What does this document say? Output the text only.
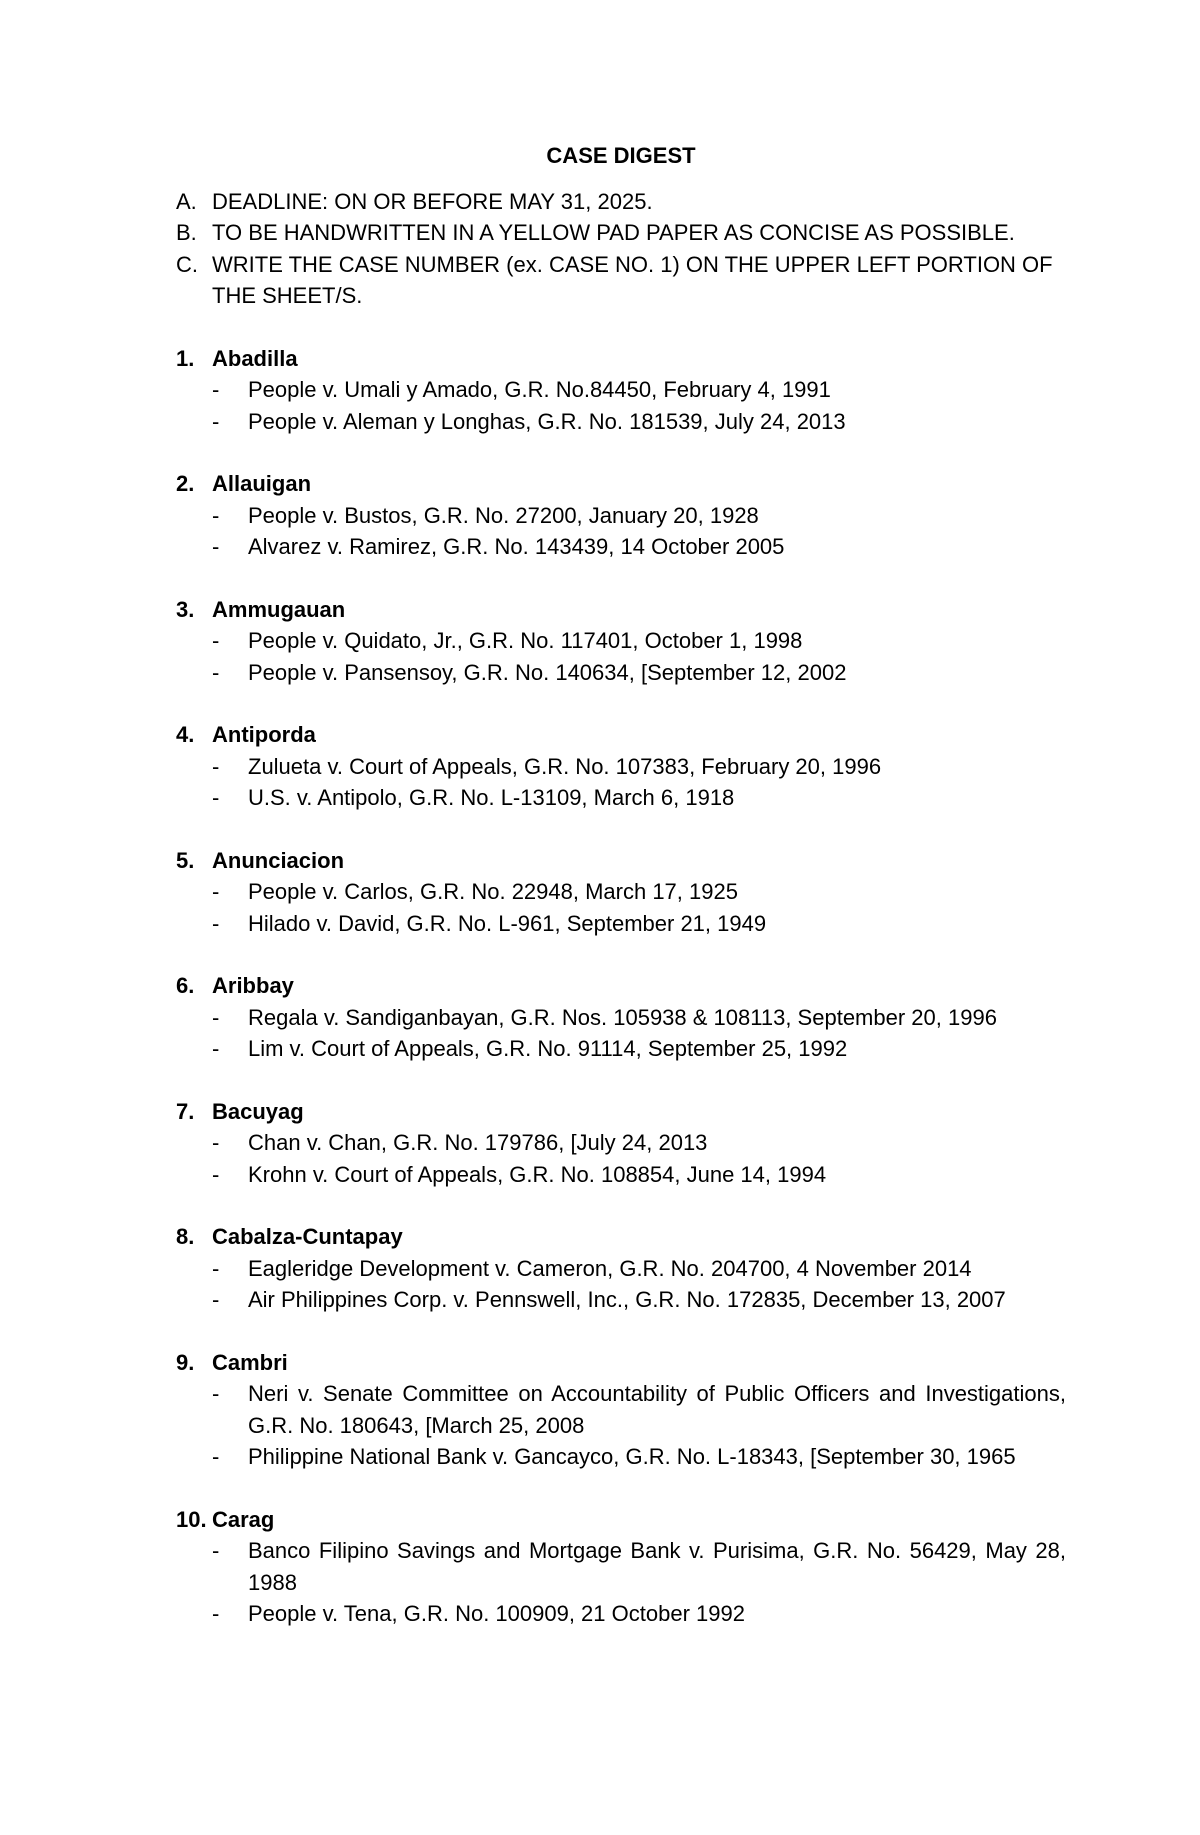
CASE DIGEST
A. DEADLINE: ON OR BEFORE MAY 31, 2025.
B. TO BE HANDWRITTEN IN A YELLOW PAD PAPER AS CONCISE AS POSSIBLE.
C. WRITE THE CASE NUMBER (ex. CASE NO. 1) ON THE UPPER LEFT PORTION OF THE SHEET/S.
1. Abadilla
-	People v. Umali y Amado, G.R. No.84450, February 4, 1991
-	People v. Aleman y Longhas, G.R. No. 181539, July 24, 2013
2. Allauigan
-	People v. Bustos, G.R. No. 27200, January 20, 1928
-	Alvarez v. Ramirez, G.R. No. 143439, 14 October 2005
3. Ammugauan
-	People v. Quidato, Jr., G.R. No. 117401, October 1, 1998
-	People v. Pansensoy, G.R. No. 140634, [September 12, 2002
4. Antiporda
-	Zulueta v. Court of Appeals, G.R. No. 107383, February 20, 1996
-	U.S. v. Antipolo, G.R. No. L-13109, March 6, 1918
5. Anunciacion
-	People v. Carlos, G.R. No. 22948, March 17, 1925
-	Hilado v. David, G.R. No. L-961, September 21, 1949
6. Aribbay
-	Regala v. Sandiganbayan, G.R. Nos. 105938 & 108113, September 20, 1996
-	Lim v. Court of Appeals, G.R. No. 91114, September 25, 1992
7. Bacuyag
-	Chan v. Chan, G.R. No. 179786, [July 24, 2013
-	Krohn v. Court of Appeals, G.R. No. 108854, June 14, 1994
8. Cabalza-Cuntapay
-	Eagleridge Development v. Cameron, G.R. No. 204700, 4 November 2014
-	Air Philippines Corp. v. Pennswell, Inc., G.R. No. 172835, December 13, 2007
9. Cambri
-	Neri v. Senate Committee on Accountability of Public Officers and Investigations, G.R. No. 180643, [March 25, 2008
-	Philippine National Bank v. Gancayco, G.R. No. L-18343, [September 30, 1965
10. Carag
-	Banco Filipino Savings and Mortgage Bank v. Purisima, G.R. No. 56429, May 28, 1988
-	People v. Tena, G.R. No. 100909, 21 October 1992
